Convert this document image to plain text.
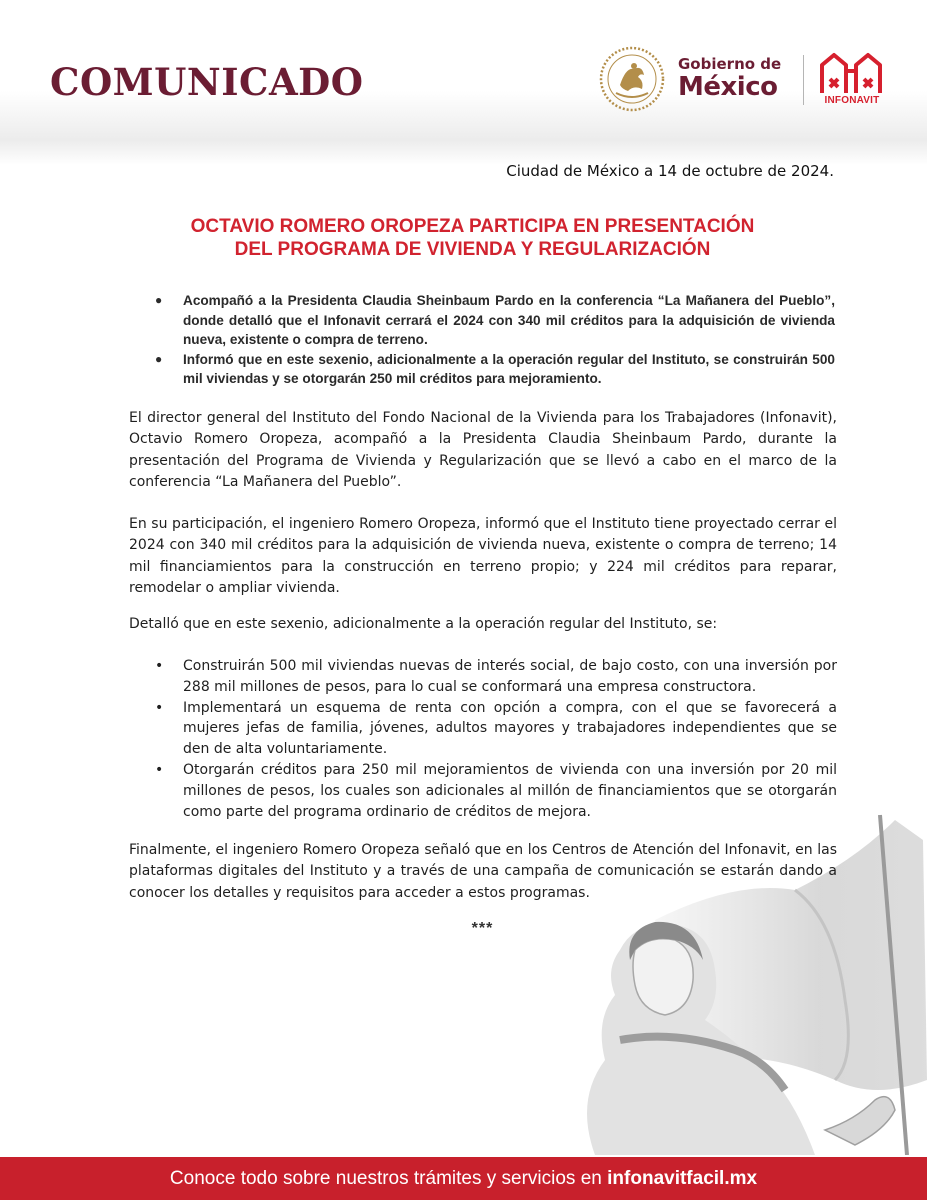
COMUNICADO	Gobierno de
México	INFONAVIT
Ciudad de México a 14 de octubre de 2024.
OCTAVIO ROMERO OROPEZA PARTICIPA EN PRESENTACIÓN
DEL PROGRAMA DE VIVIENDA Y REGULARIZACIÓN
● Acompañó a la Presidenta Claudia Sheinbaum Pardo en la conferencia “La Mañanera del Pueblo”, donde detalló que el Infonavit cerrará el 2024 con 340 mil créditos para la adquisición de vivienda nueva, existente o compra de terreno.
● Informó que en este sexenio, adicionalmente a la operación regular del Instituto, se construirán 500 mil viviendas y se otorgarán 250 mil créditos para mejoramiento.
El director general del Instituto del Fondo Nacional de la Vivienda para los Trabajadores (Infonavit), Octavio Romero Oropeza, acompañó a la Presidenta Claudia Sheinbaum Pardo, durante la presentación del Programa de Vivienda y Regularización que se llevó a cabo en el marco de la conferencia “La Mañanera del Pueblo”.
En su participación, el ingeniero Romero Oropeza, informó que el Instituto tiene proyectado cerrar el 2024 con 340 mil créditos para la adquisición de vivienda nueva, existente o compra de terreno; 14 mil financiamientos para la construcción en terreno propio; y 224 mil créditos para reparar, remodelar o ampliar vivienda.
Detalló que en este sexenio, adicionalmente a la operación regular del Instituto, se:
• Construirán 500 mil viviendas nuevas de interés social, de bajo costo, con una inversión por 288 mil millones de pesos, para lo cual se conformará una empresa constructora.
• Implementará un esquema de renta con opción a compra, con el que se favorecerá a mujeres jefas de familia, jóvenes, adultos mayores y trabajadores independientes que se den de alta voluntariamente.
• Otorgarán créditos para 250 mil mejoramientos de vivienda con una inversión por 20 mil millones de pesos, los cuales son adicionales al millón de financiamientos que se otorgarán como parte del programa ordinario de créditos de mejora.
Finalmente, el ingeniero Romero Oropeza señaló que en los Centros de Atención del Infonavit, en las plataformas digitales del Instituto y a través de una campaña de comunicación se estarán dando a conocer los detalles y requisitos para acceder a estos programas.
***
Conoce todo sobre nuestros trámites y servicios en infonavitfacil.mx
